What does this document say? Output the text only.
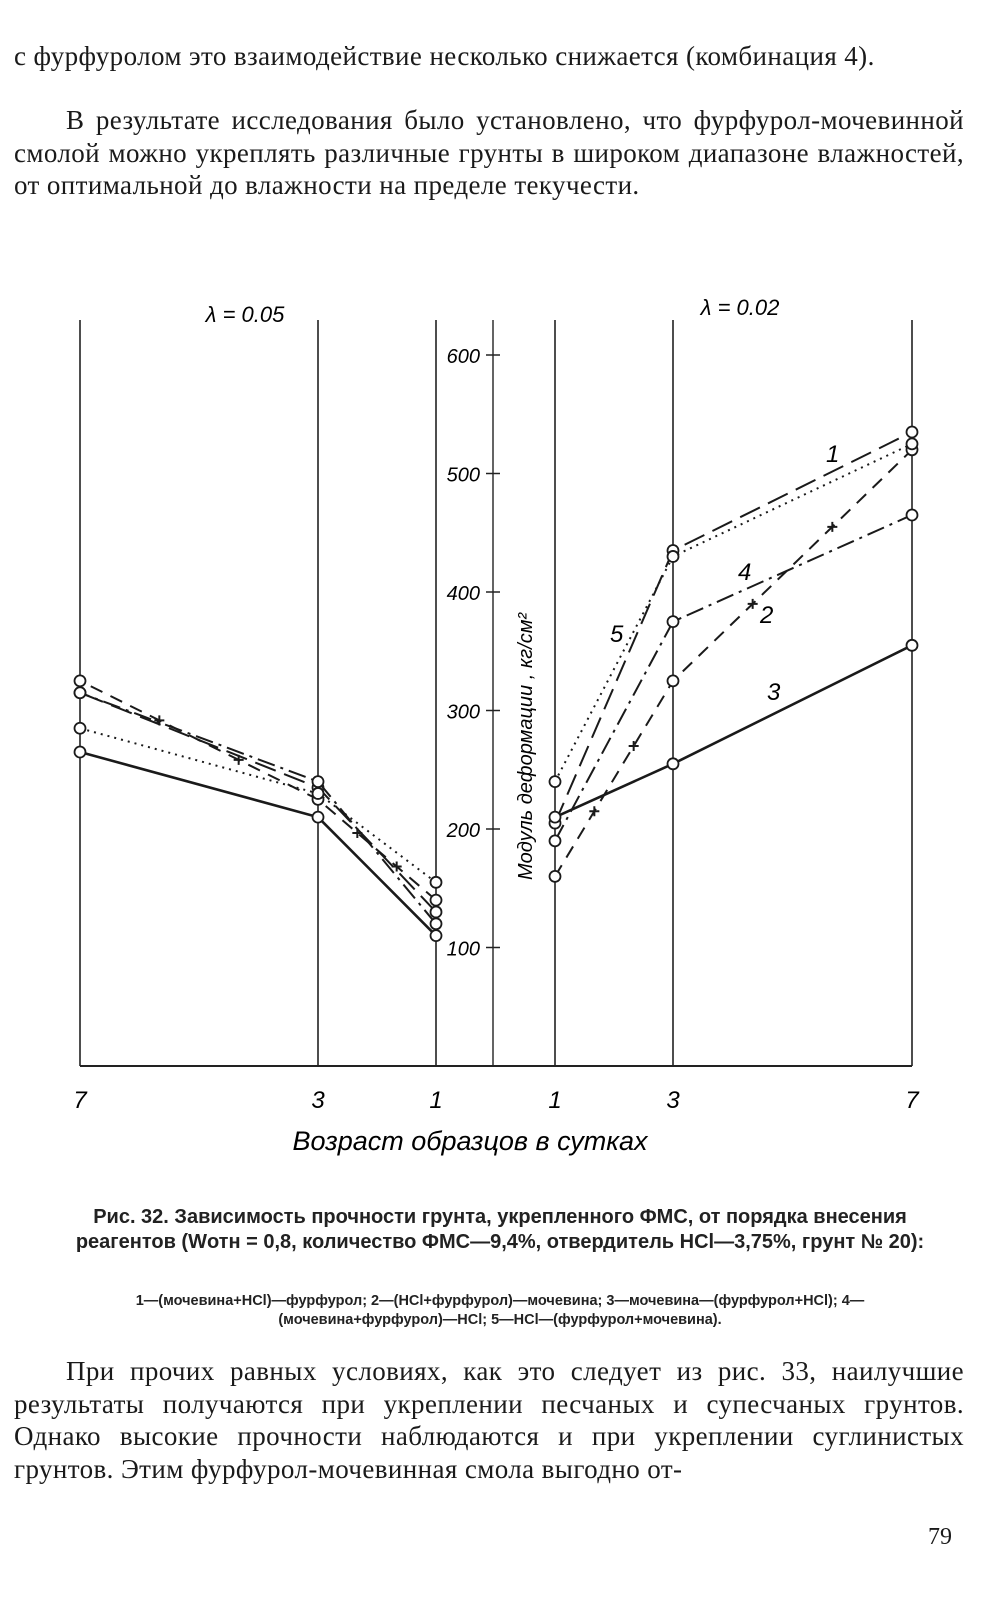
с фурфуролом это взаимодействие несколько снижается (комбинация 4).

В результате исследования было установлено, что фурфурол-мочевинной смолой можно укреплять различные грунты в широком диапазоне влажностей, от оптимальной до влажности на пределе текучести.

100
200
300
400
500
600
Модуль деформации , кг/см²
λ = 0.05	λ = 0.02
7	3	1	1	3	7
Возраст образцов в сутках
1
2
3
4
5
Рис. 32. Зависимость прочности грунта, укрепленного ФМС, от порядка внесения реагентов (Wотн = 0,8, количество ФМС—9,4%, отвердитель HCl—3,75%, грунт № 20):
1—(мочевина+HCl)—фурфурол; 2—(HCl+фурфурол)—мочевина; 3—мочевина—(фурфурол+HCl); 4—(мочевина+фурфурол)—HCl; 5—HCl—(фурфурол+мочевина).

При прочих равных условиях, как это следует из рис. 33, наилучшие результаты получаются при укреплении песчаных и супесчаных грунтов. Однако высокие прочности наблюдаются и при укреплении суглинистых грунтов. Этим фурфурол-мочевинная смола выгодно от-

79
